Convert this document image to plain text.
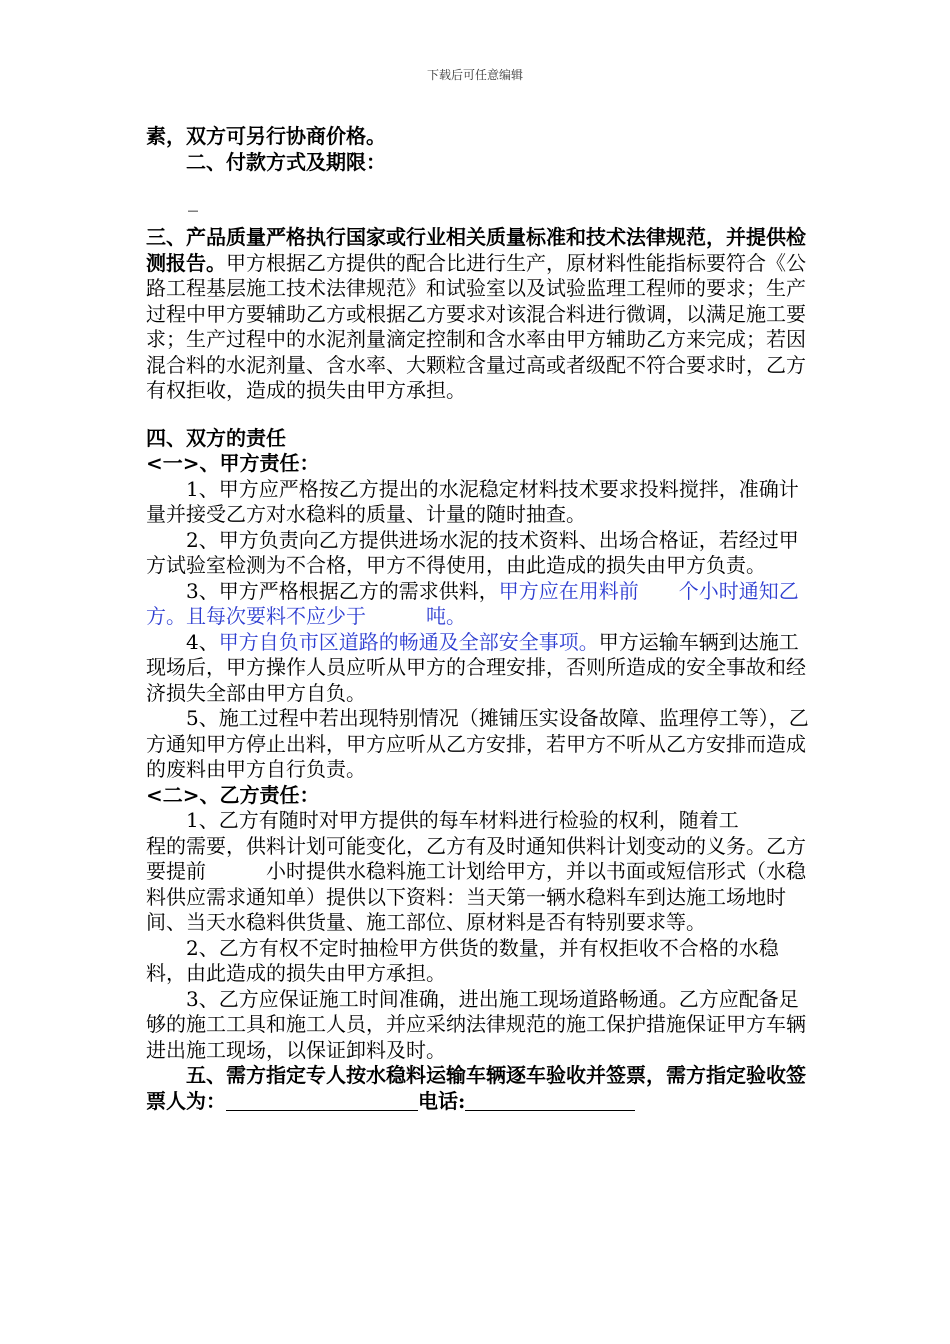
下载后可任意编辑

素，双方可另行协商价格。

二、付款方式及期限：

_

_

三、产品质量严格执行国家或行业相关质量标准和技术法律规范，并提供检测报告。甲方根据乙方提供的配合比进行生产，原材料性能指标要符合《公路工程基层施工技术法律规范》和试验室以及试验监理工程师的要求；生产过程中甲方要辅助乙方或根据乙方要求对该混合料进行微调，以满足施工要求；生产过程中的水泥剂量滴定控制和含水率由甲方辅助乙方来完成；若因混合料的水泥剂量、含水率、大颗粒含量过高或者级配不符合要求时，乙方有权拒收，造成的损失由甲方承担。

四、双方的责任

<一>、甲方责任：

1、甲方应严格按乙方提出的水泥稳定材料技术要求投料搅拌，准确计量并接受乙方对水稳料的质量、计量的随时抽查。

2、甲方负责向乙方提供进场水泥的技术资料、出场合格证，若经过甲方试验室检测为不合格，甲方不得使用，由此造成的损失由甲方负责。

3、甲方严格根据乙方的需求供料，甲方应在用料前　　个小时通知乙方。且每次要料不应少于　　　吨。

4、甲方自负市区道路的畅通及全部安全事项。甲方运输车辆到达施工现场后，甲方操作人员应听从甲方的合理安排，否则所造成的安全事故和经济损失全部由甲方自负。

5、施工过程中若出现特别情况（摊铺压实设备故障、监理停工等），乙方通知甲方停止出料，甲方应听从乙方安排，若甲方不听从乙方安排而造成的废料由甲方自行负责。

<二>、乙方责任：

1、乙方有随时对甲方提供的每车材料进行检验的权利，随着工

程的需要，供料计划可能变化，乙方有及时通知供料计划变动的义务。乙方要提前　　　小时提供水稳料施工计划给甲方，并以书面或短信形式（水稳料供应需求通知单）提供以下资料：当天第一辆水稳料车到达施工场地时间、当天水稳料供货量、施工部位、原材料是否有特别要求等。

2、乙方有权不定时抽检甲方供货的数量，并有权拒收不合格的水稳料，由此造成的损失由甲方承担。

3、乙方应保证施工时间准确，进出施工现场道路畅通。乙方应配备足够的施工工具和施工人员，并应采纳法律规范的施工保护措施保证甲方车辆进出施工现场，以保证卸料及时。

五、需方指定专人按水稳料运输车辆逐车验收并签票，需方指定验收签票人为：	电话:
